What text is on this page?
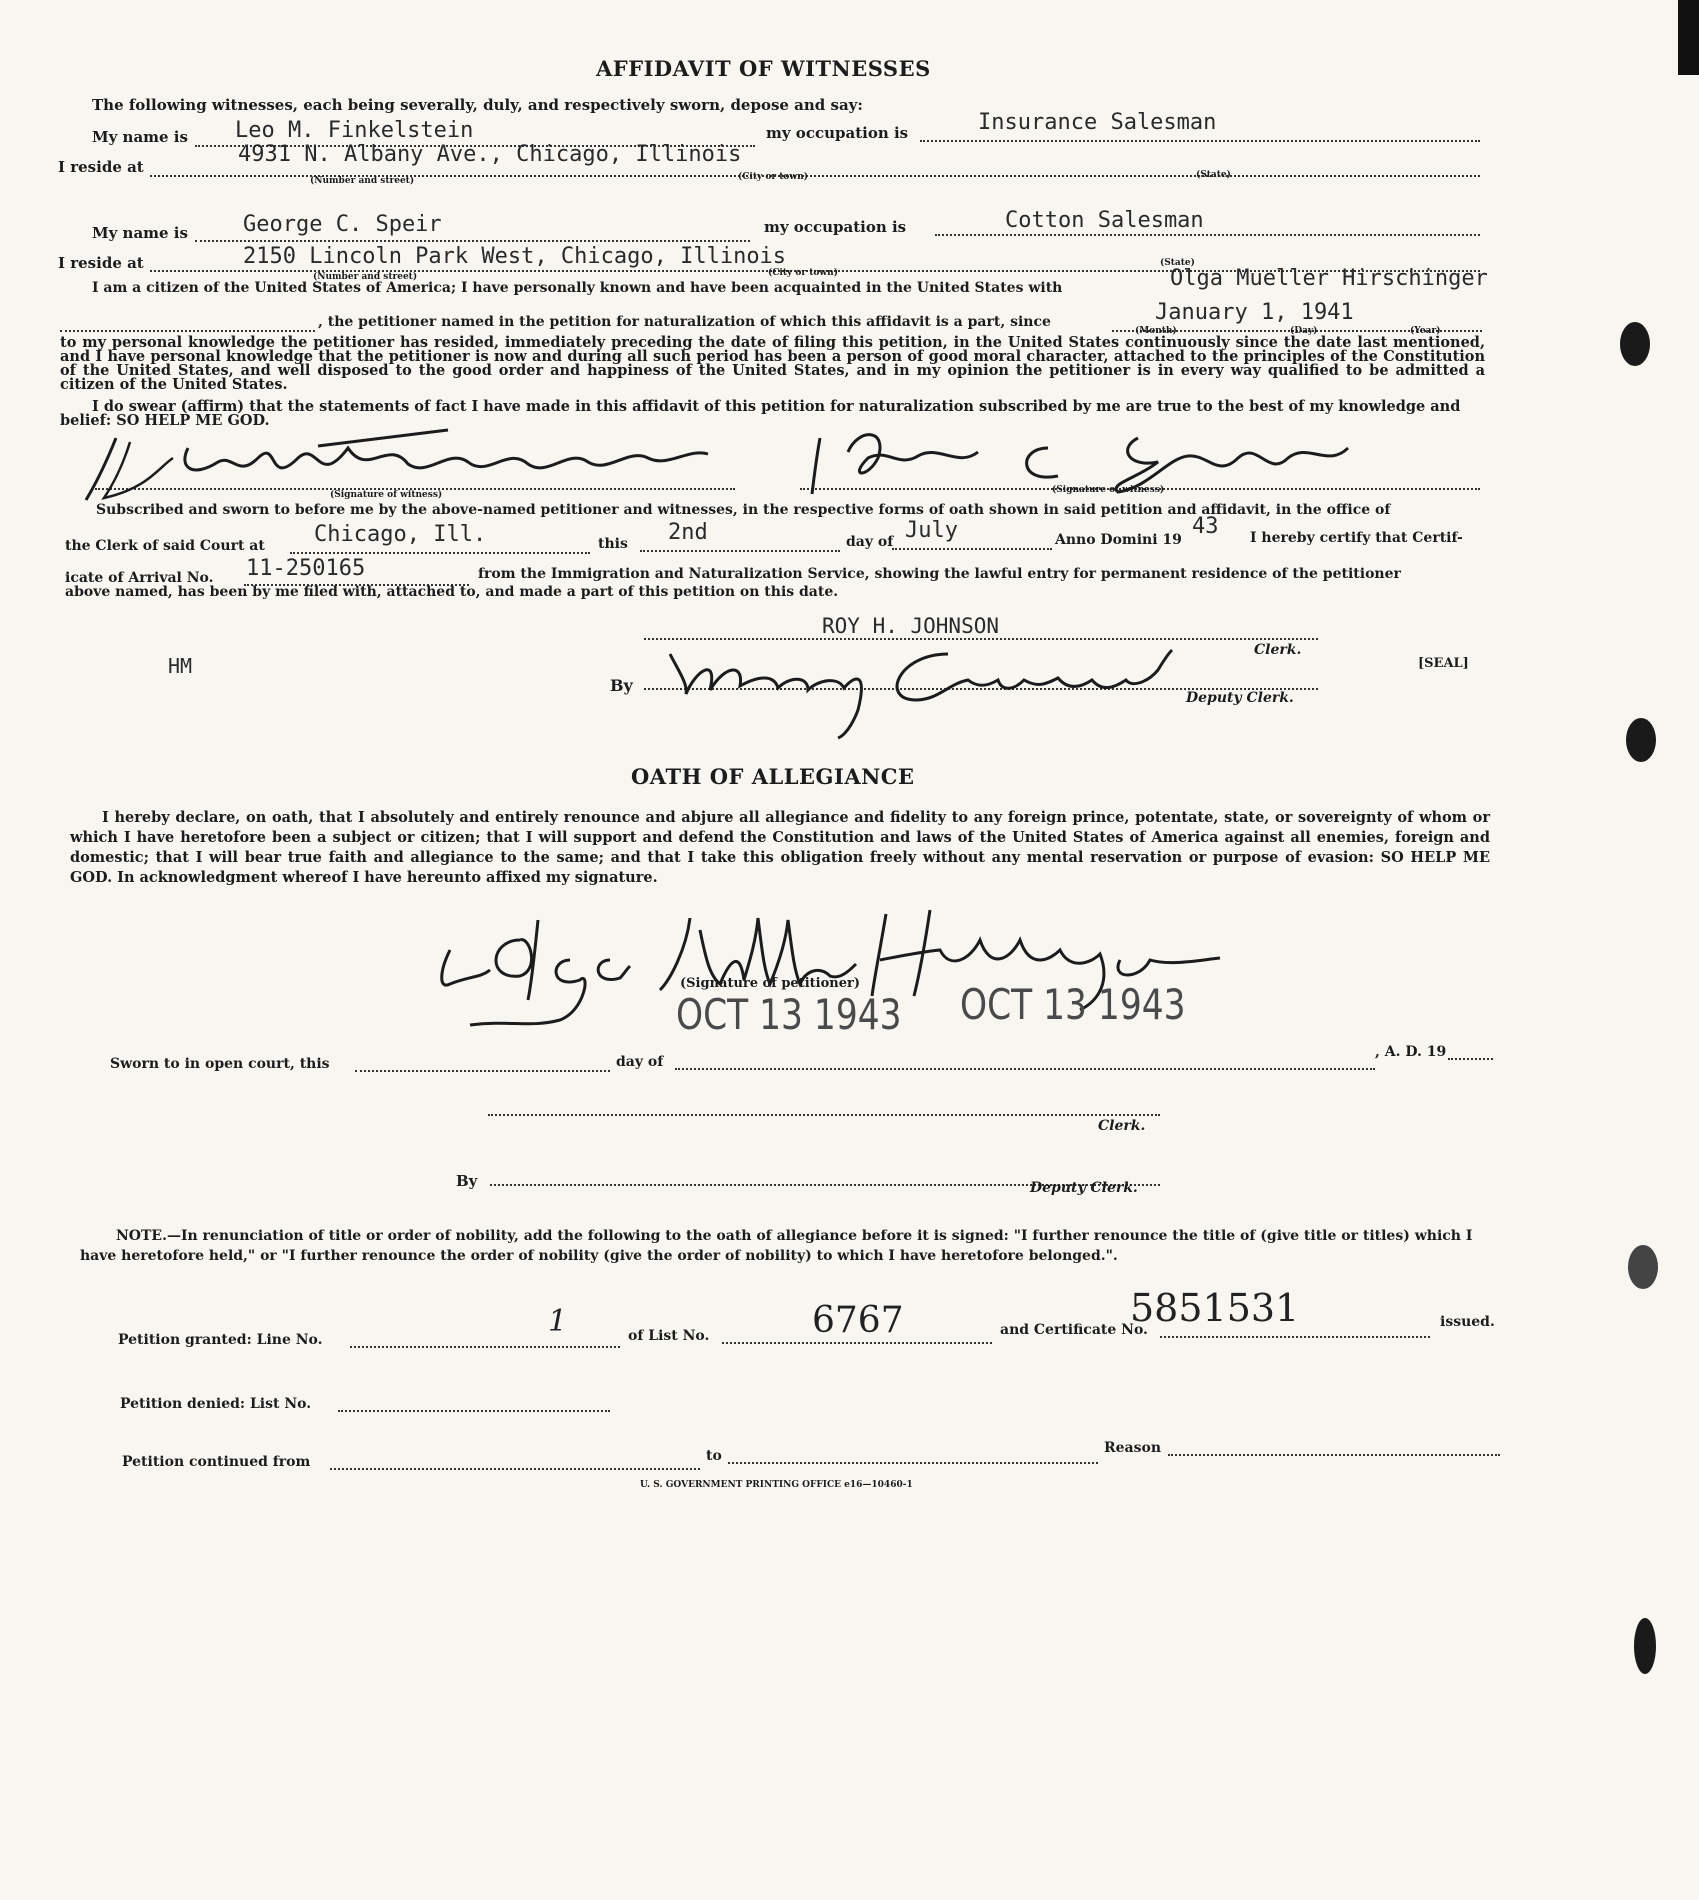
AFFIDAVIT OF WITNESSES
The following witnesses, each being severally, duly, and respectively sworn, depose and say:
My name is Leo M. Finkelstein	my occupation is	Insurance Salesman
I reside at	4931 N. Albany Ave., Chicago, Illinois
(Number and street)	(City or town)	(State)
My name is	George C. Speir	my occupation is	Cotton Salesman
I reside at	2150 Lincoln Park West, Chicago, Illinois
(Number and street)	(City or town)
(State)
I am a citizen of the United States of America; I have personally known and have been acquainted in the United States with	Olga Mueller Hirschinger
, the petitioner named in the petition for naturalization of which this affidavit is a part, since	January 1, 1941
(Month)	(Day)	(Year)
to my personal knowledge the petitioner has resided, immediately preceding the date of filing this petition, in the United States continuously since the date last mentioned, and I have personal knowledge that the petitioner is now and during all such period has been a person of good moral character, attached to the principles of the Constitution of the United States, and well disposed to the good order and happiness of the United States, and in my opinion the petitioner is in every way qualified to be admitted a citizen of the United States.
I do swear (affirm) that the statements of fact I have made in this affidavit of this petition for naturalization subscribed by me are true to the best of my knowledge and belief: SO HELP ME GOD.
(Signature of witness)	(Signature of witness)
Subscribed and sworn to before me by the above-named petitioner and witnesses, in the respective forms of oath shown in said petition and affidavit, in the office of
the Clerk of said Court at Chicago, Ill.	this 2nd	day of July	Anno Domini 19
43 I hereby certify that Certif-
icate of Arrival No. 11-250165	from the Immigration and Naturalization Service, showing the lawful entry for permanent residence of the petitioner
above named, has been by me filed with, attached to, and made a part of this petition on this date.
ROY H. JOHNSON
Clerk.
HM	[SEAL]
By
Deputy Clerk.
OATH OF ALLEGIANCE
I hereby declare, on oath, that I absolutely and entirely renounce and abjure all allegiance and fidelity to any foreign prince, potentate, state, or sovereignty of whom or which I have heretofore been a subject or citizen; that I will support and defend the Constitution and laws of the United States of America against all enemies, foreign and domestic; that I will bear true faith and allegiance to the same; and that I take this obligation freely without any mental reservation or purpose of evasion: SO HELP ME GOD. In acknowledgment whereof I have hereunto affixed my signature.
(Signature of petitioner)
OCT 13 1943 OCT 13 1943
Sworn to in open court, this	day of
, A. D. 19
Clerk.
By	Deputy Clerk.
NOTE.—In renunciation of title or order of nobility, add the following to the oath of allegiance before it is signed: "I further renounce the title of (give title or titles) which I have heretofore held," or "I further renounce the order of nobility (give the order of nobility) to which I have heretofore belonged.".
Petition granted: Line No.
1	of List No.	6767	and Certificate No.
5851531	issued.
Petition denied: List No.
Petition continued from	to	Reason
U. S. GOVERNMENT PRINTING OFFICE e16—10460-1
